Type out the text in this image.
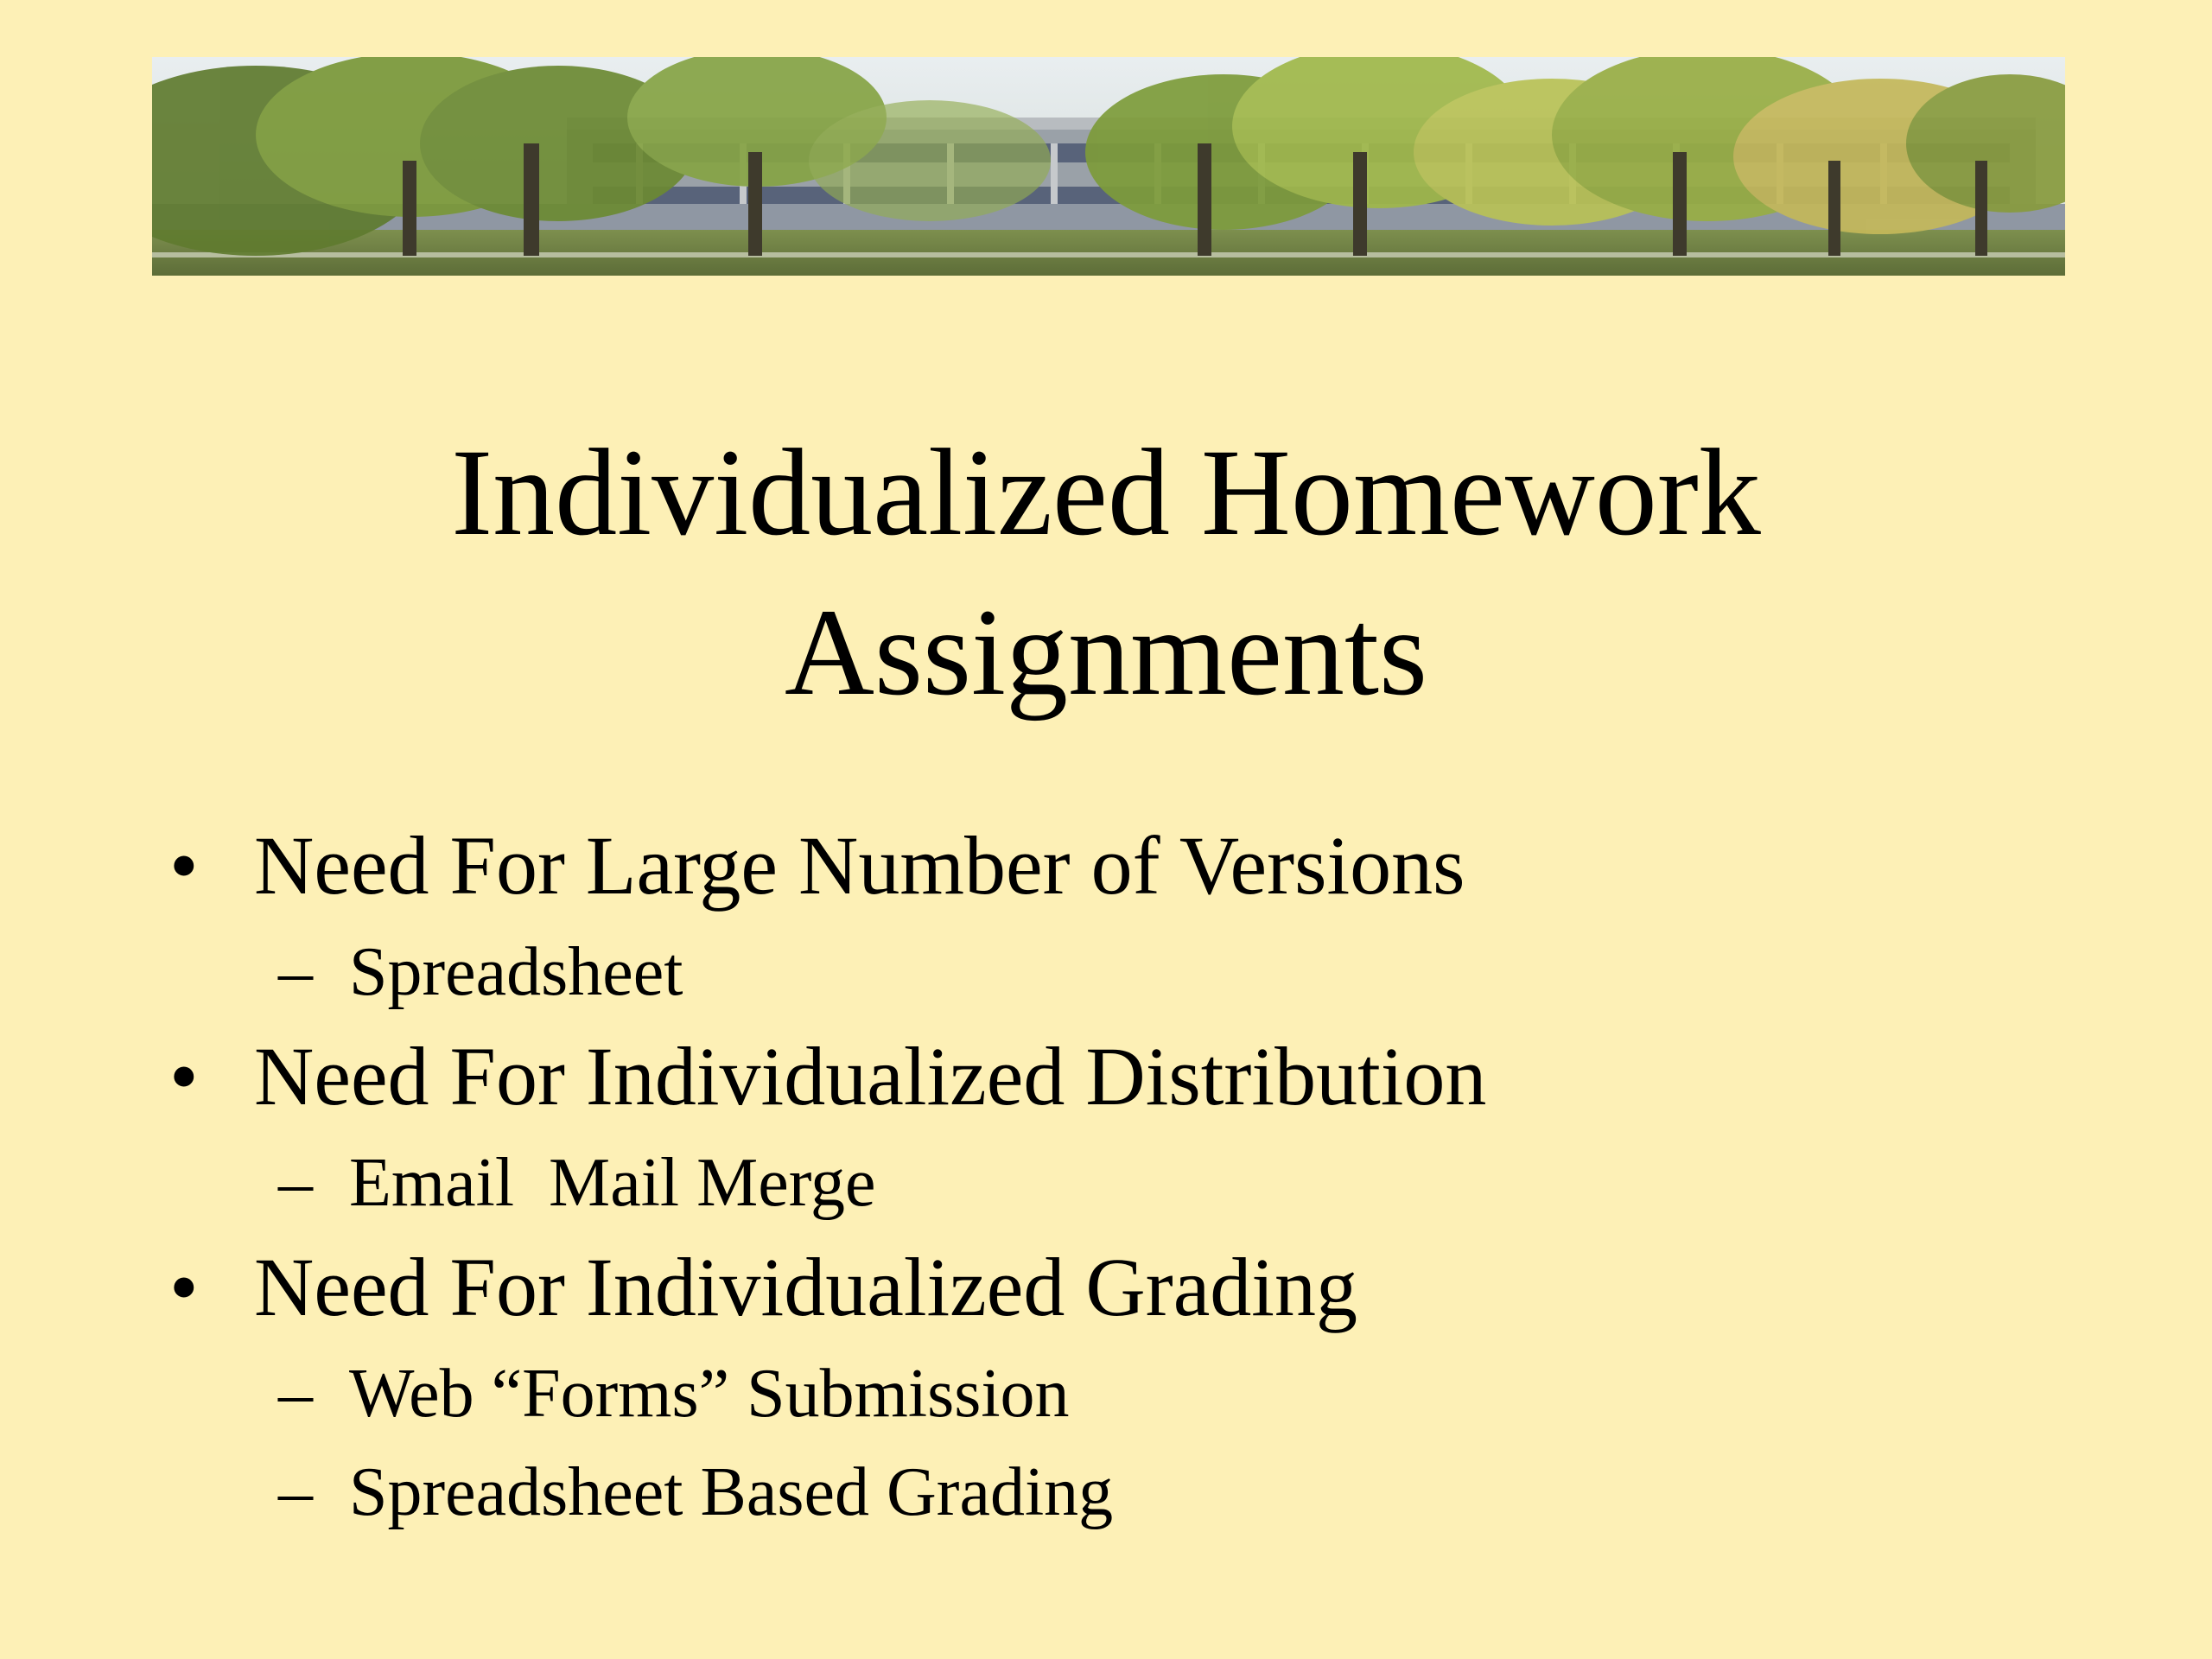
Individualized Homework
Assignments
• Need For Large Number of Versions
– Spreadsheet
• Need For Individualized Distribution
– Email  Mail Merge
• Need For Individualized Grading
– Web “Forms” Submission
– Spreadsheet Based Grading
